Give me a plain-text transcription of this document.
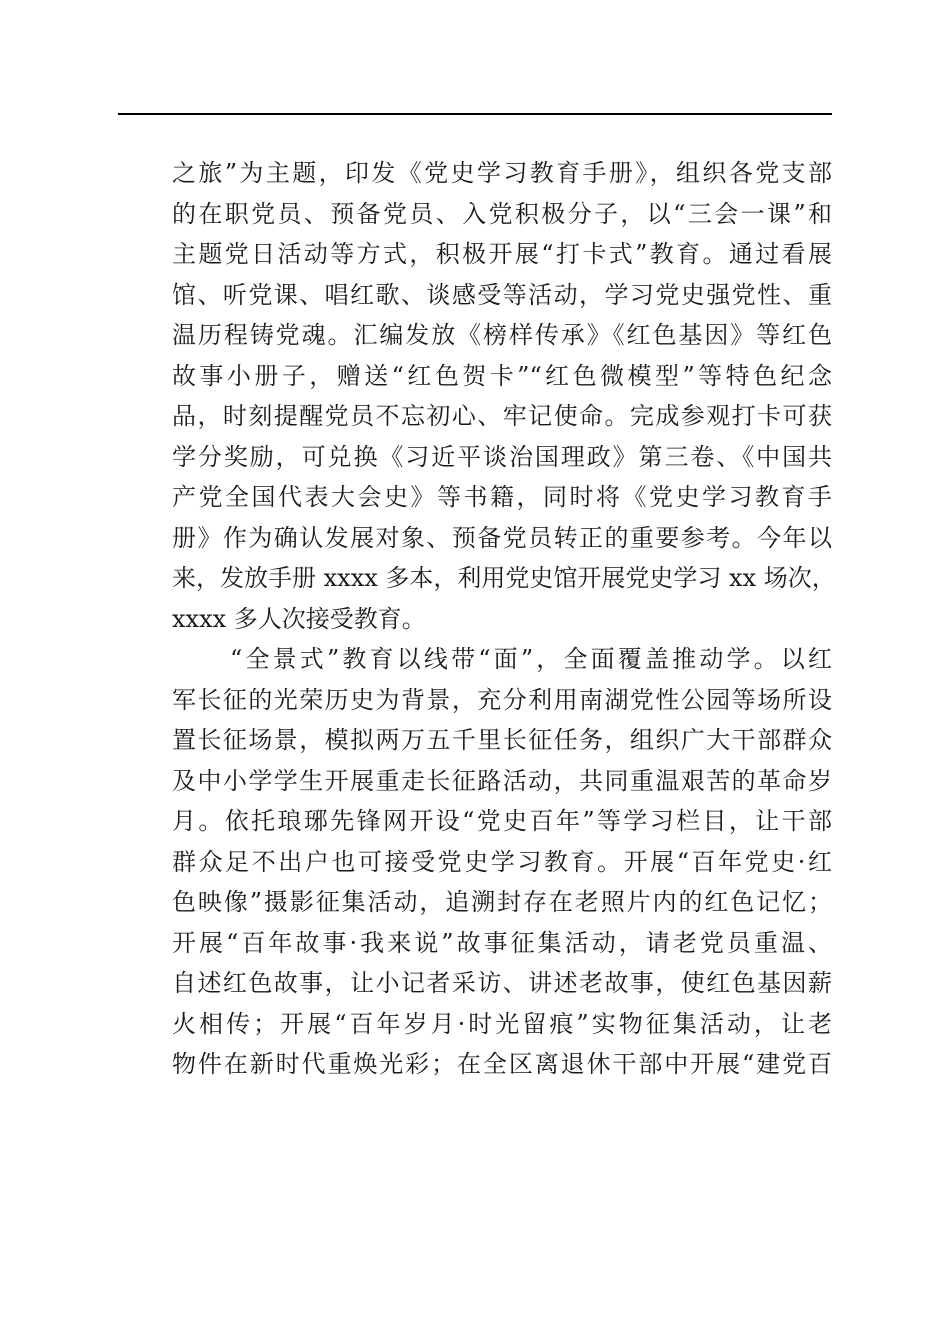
之旅”为主题，印发《党史学习教育手册》，组织各党支部
的在职党员、预备党员、入党积极分子，以“三会一课”和
主题党日活动等方式，积极开展“打卡式”教育。通过看展
馆、听党课、唱红歌、谈感受等活动，学习党史强党性、重
温历程铸党魂。汇编发放《榜样传承》《红色基因》等红色
故事小册子，赠送“红色贺卡”“红色微模型”等特色纪念
品，时刻提醒党员不忘初心、牢记使命。完成参观打卡可获
学分奖励，可兑换《习近平谈治国理政》第三卷、《中国共
产党全国代表大会史》等书籍，同时将《党史学习教育手
册》作为确认发展对象、预备党员转正的重要参考。今年以
来，发放手册 xxxx 多本，利用党史馆开展党史学习 xx 场次，
xxxx 多人次接受教育。
“全景式”教育以线带“面”，全面覆盖推动学。以红
军长征的光荣历史为背景，充分利用南湖党性公园等场所设
置长征场景，模拟两万五千里长征任务，组织广大干部群众
及中小学学生开展重走长征路活动，共同重温艰苦的革命岁
月。依托琅琊先锋网开设“党史百年”等学习栏目，让干部
群众足不出户也可接受党史学习教育。开展“百年党史·红
色映像”摄影征集活动，追溯封存在老照片内的红色记忆；
开展“百年故事·我来说”故事征集活动，请老党员重温、
自述红色故事，让小记者采访、讲述老故事，使红色基因薪
火相传；开展“百年岁月·时光留痕”实物征集活动，让老
物件在新时代重焕光彩；在全区离退休干部中开展“建党百
